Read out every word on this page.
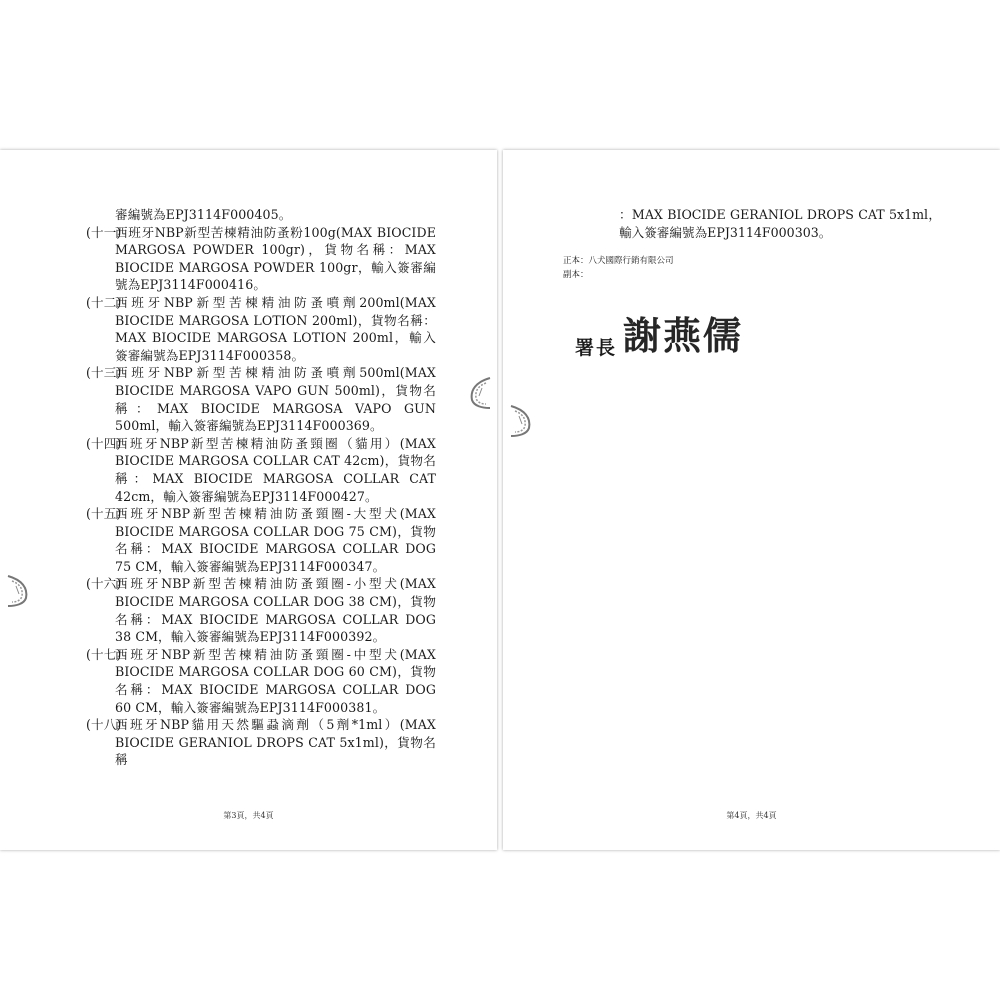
審編號為EPJ3114F000405。
(十一)
西班牙NBP新型苦楝精油防蚤粉100g(MAX BIOCIDE MARGOSA POWDER 100gr)，貨物名稱：MAX BIOCIDE MARGOSA POWDER 100gr，輸入簽審編號為EPJ3114F000416。
(十二)
西班牙NBP新型苦楝精油防蚤噴劑200ml(MAX BIOCIDE MARGOSA LOTION 200ml)，貨物名稱：MAX BIOCIDE MARGOSA LOTION 200ml，輸入簽審編號為EPJ3114F000358。
(十三)
西班牙NBP新型苦楝精油防蚤噴劑500ml(MAX BIOCIDE MARGOSA VAPO GUN 500ml)，貨物名稱：MAX BIOCIDE MARGOSA VAPO GUN 500ml，輸入簽審編號為EPJ3114F000369。
(十四)
西班牙NBP新型苦楝精油防蚤頸圈（貓用）(MAX BIOCIDE MARGOSA COLLAR CAT 42cm)，貨物名稱：MAX BIOCIDE MARGOSA COLLAR CAT 42cm，輸入簽審編號為EPJ3114F000427。
(十五)
西班牙NBP新型苦楝精油防蚤頸圈-大型犬(MAX BIOCIDE MARGOSA COLLAR DOG 75 CM)，貨物名稱：MAX BIOCIDE MARGOSA COLLAR DOG 75 CM，輸入簽審編號為EPJ3114F000347。
(十六)
西班牙NBP新型苦楝精油防蚤頸圈-小型犬(MAX BIOCIDE MARGOSA COLLAR DOG 38 CM)，貨物名稱：MAX BIOCIDE MARGOSA COLLAR DOG 38 CM，輸入簽審編號為EPJ3114F000392。
(十七)
西班牙NBP新型苦楝精油防蚤頸圈-中型犬(MAX BIOCIDE MARGOSA COLLAR DOG 60 CM)，貨物名稱：MAX BIOCIDE MARGOSA COLLAR DOG 60 CM，輸入簽審編號為EPJ3114F000381。
(十八)
西班牙NBP貓用天然驅蝨滴劑（5劑*1ml）(MAX BIOCIDE GERANIOL DROPS CAT 5x1ml)，貨物名稱
第3頁，共4頁
：MAX BIOCIDE GERANIOL DROPS CAT 5x1ml，輸入簽審編號為EPJ3114F000303。
正本：八犬國際行銷有限公司
副本：
署長 謝燕儒
第4頁，共4頁
